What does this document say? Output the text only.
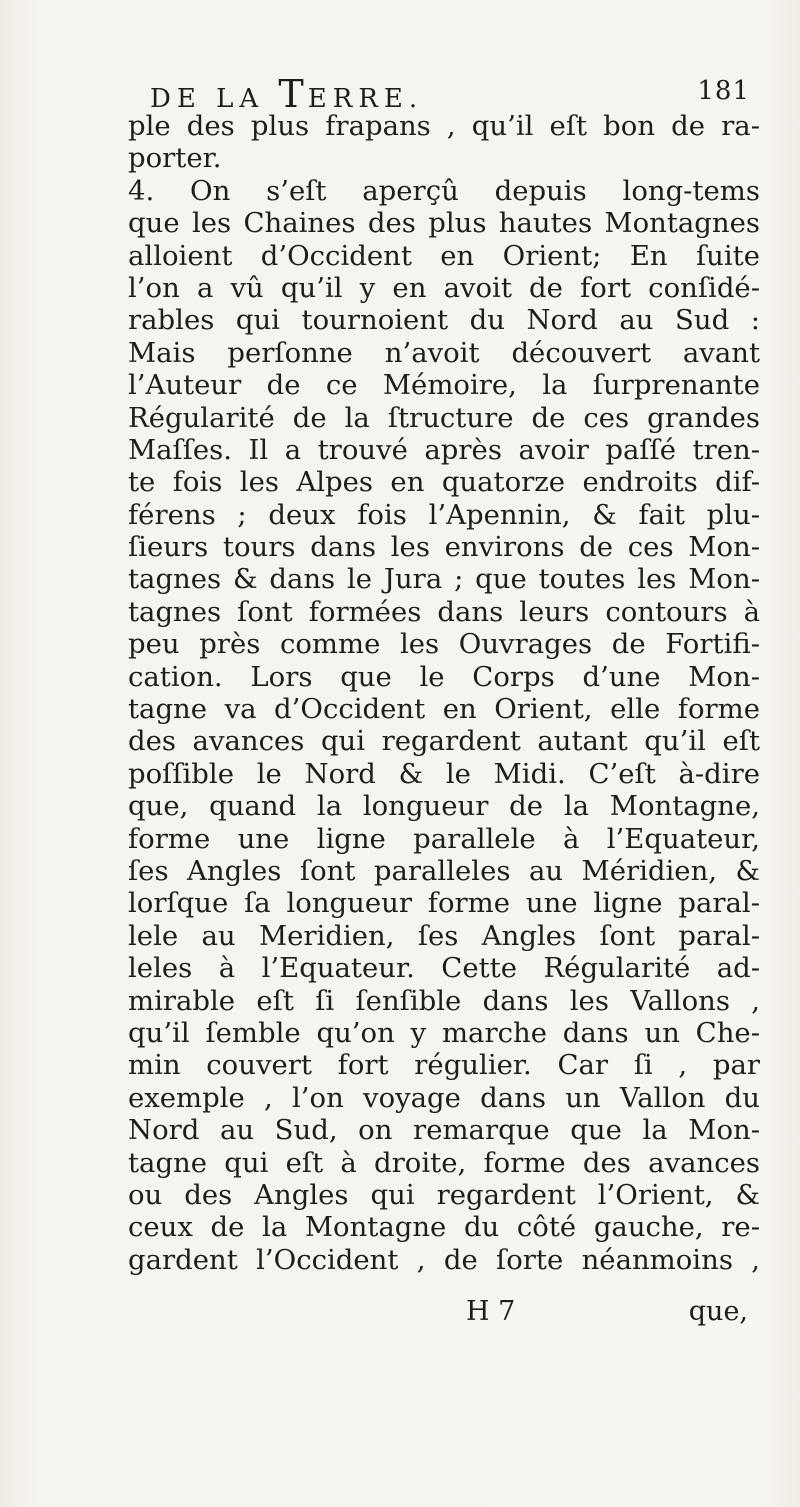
DE LA TERRE.	181
ple des plus frapans , qu’il eſt bon de ra-
porter.
4. On s’eſt aperçû depuis long-tems
que les Chaines des plus hautes Montagnes
alloient d’Occident en Orient; En ſuite
l’on a vû qu’il y en avoit de fort conſidé-
rables qui tournoient du Nord au Sud :
Mais perſonne n’avoit découvert avant
l’Auteur de ce Mémoire, la ſurprenante
Régularité de la ſtructure de ces grandes
Maſſes. Il a trouvé après avoir paſſé tren-
te fois les Alpes en quatorze endroits dif-
férens ; deux fois l’Apennin, & fait plu-
ſieurs tours dans les environs de ces Mon-
tagnes & dans le Jura ; que toutes les Mon-
tagnes ſont formées dans leurs contours à
peu près comme les Ouvrages de Fortifi-
cation. Lors que le Corps d’une Mon-
tagne va d’Occident en Orient, elle forme
des avances qui regardent autant qu’il eſt
poſſible le Nord & le Midi. C’eſt à-dire
que, quand la longueur de la Montagne,
forme une ligne parallele à l’Equateur,
ſes Angles ſont paralleles au Méridien, &
lorſque ſa longueur forme une ligne paral-
lele au Meridien, ſes Angles ſont paral-
leles à l’Equateur. Cette Régularité ad-
mirable eſt ſi ſenſible dans les Vallons ,
qu’il ſemble qu’on y marche dans un Che-
min couvert fort régulier. Car ſi , par
exemple , l’on voyage dans un Vallon du
Nord au Sud, on remarque que la Mon-
tagne qui eſt à droite, forme des avances
ou des Angles qui regardent l’Orient, &
ceux de la Montagne du côté gauche, re-
gardent l’Occident , de ſorte néanmoins ,
H 7	que,
